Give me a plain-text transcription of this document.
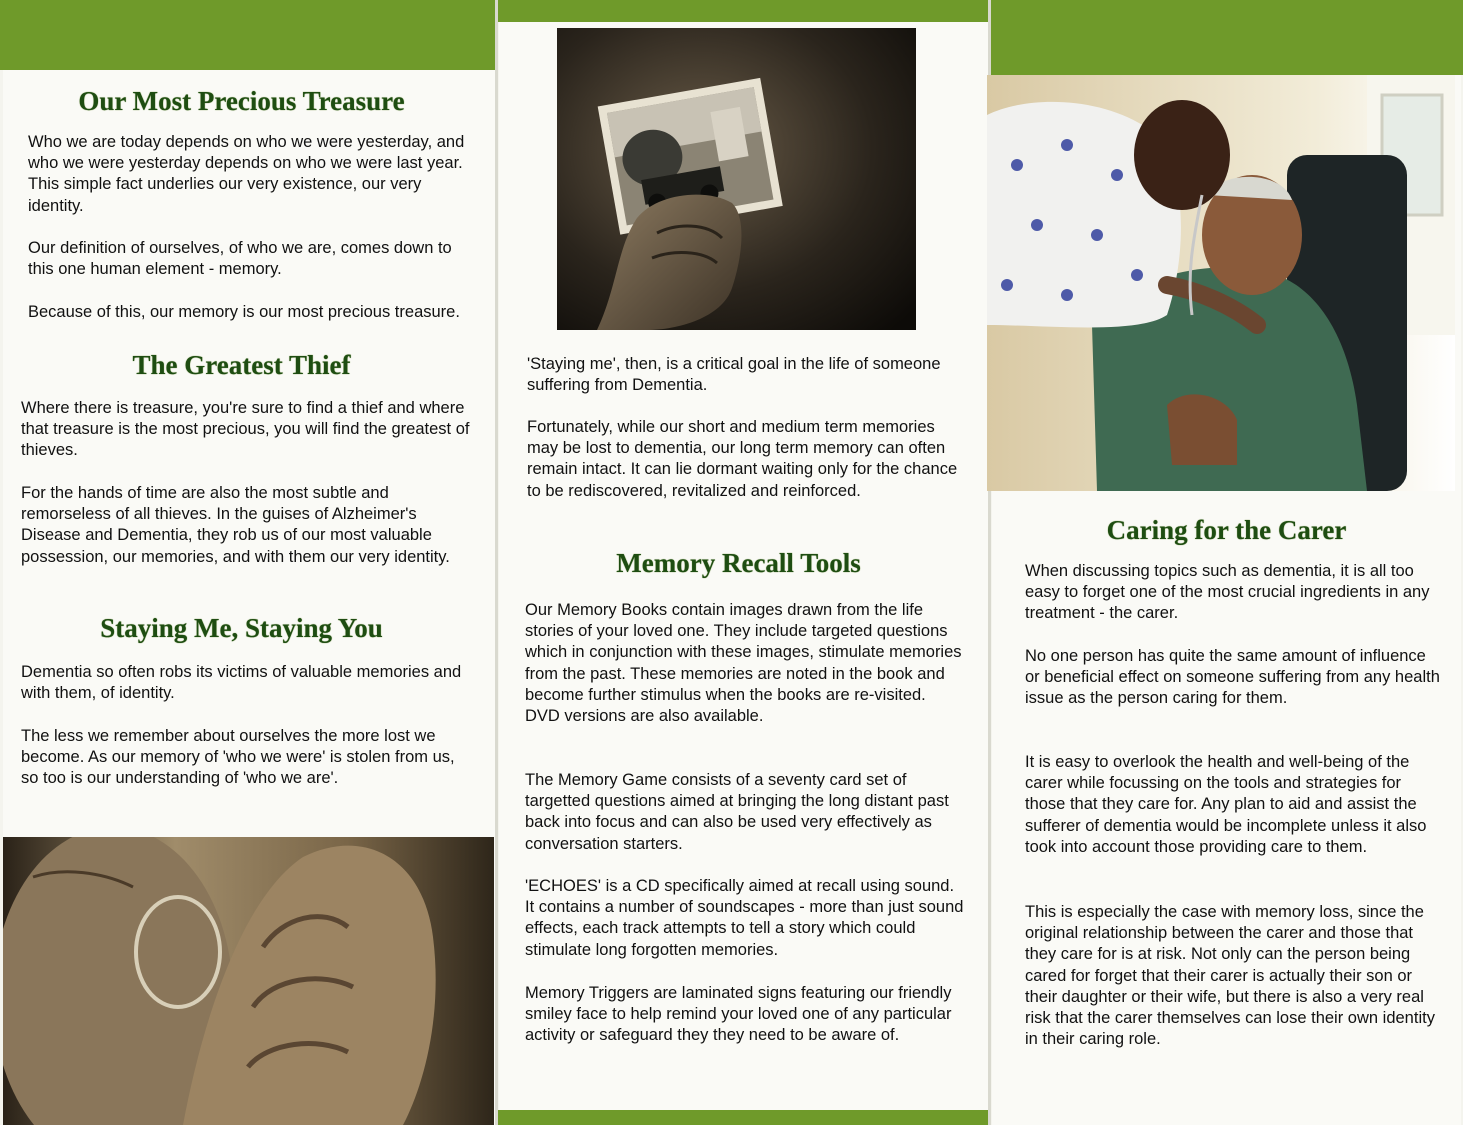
Our Most Precious Treasure

Who we are today depends on who we were yesterday, and who we were yesterday depends on who we were last year. This simple fact underlies our very existence, our very identity.

Our definition of ourselves, of who we are, comes down to this one human element - memory.

Because of this, our memory is our most precious treasure.

The Greatest Thief

Where there is treasure, you're sure to find a thief and where that treasure is the most precious, you will find the greatest of thieves.

For the hands of time are also the most subtle and remorseless of all thieves. In the guises of Alzheimer's Disease and Dementia, they rob us of our most valuable possession, our memories, and with them our very identity.

Staying Me, Staying You

Dementia so often robs its victims of valuable memories and with them, of identity.

The less we remember about ourselves the more lost we become. As our memory of 'who we were' is stolen from us, so too is our understanding of 'who we are'.

'Staying me', then, is a critical goal in the life of someone suffering from Dementia.

Fortunately, while our short and medium term memories may be lost to dementia, our long term memory can often remain intact. It can lie dormant waiting only for the chance to be rediscovered, revitalized and reinforced.

Memory Recall Tools

Our Memory Books contain images drawn from the life stories of your loved one. They include targeted questions which in conjunction with these images, stimulate memories from the past. These memories are noted in the book and become further stimulus when the books are re-visited. DVD versions are also available.

The Memory Game consists of a seventy card set of targetted questions aimed at bringing the long distant past back into focus and can also be used very effectively as conversation starters.

'ECHOES' is a CD specifically aimed at recall using sound. It contains a number of soundscapes - more than just sound effects, each track attempts to tell a story which could stimulate long forgotten memories.

Memory Triggers are laminated signs featuring our friendly smiley face to help remind your loved one of any particular activity or safeguard they they need to be aware of.

Caring for the Carer

When discussing topics such as dementia, it is all too easy to forget one of the most crucial ingredients in any treatment - the carer.

No one person has quite the same amount of influence or beneficial effect on someone suffering from any health issue as the person caring for them.

It is easy to overlook the health and well-being of the carer while focussing on the tools and strategies for those that they care for. Any plan to aid and assist the sufferer of dementia would be incomplete unless it also took into account those providing care to them.

This is especially the case with memory loss, since the original relationship between the carer and those that they care for is at risk. Not only can the person being cared for forget that their carer is actually their son or their daughter or their wife, but there is also a very real risk that the carer themselves can lose their own identity in their caring role.
